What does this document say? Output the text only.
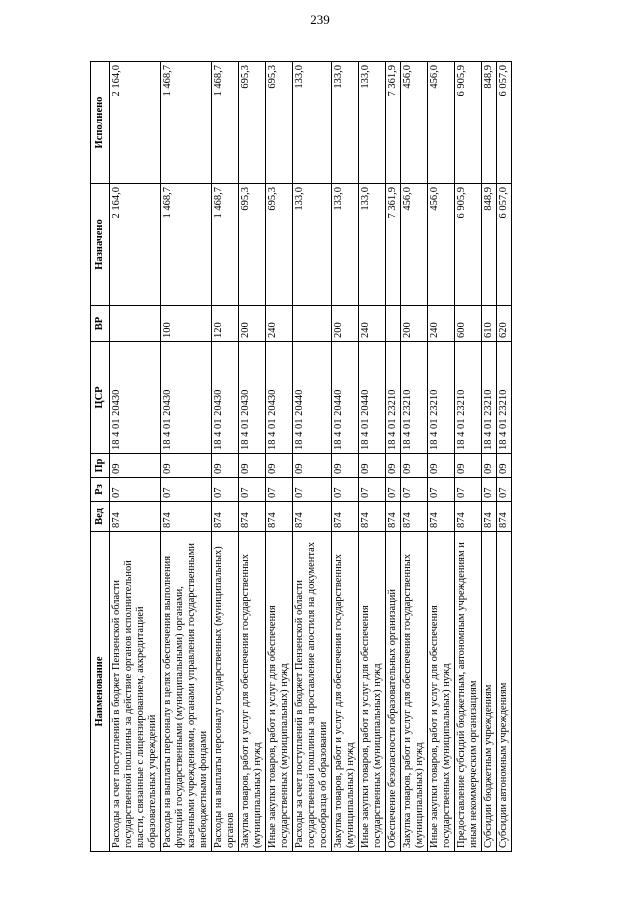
239
Наименование	Вед	Рз	Пр	ЦСР	ВР	Назначено	Исполнено
Расходы за счет поступлений в бюджет Пензенской области государственной пошлины за действие органов исполнительной власти, связанные с лицензированием, аккредитацией образовательных учреждений	874	07	09	18 4 01 20430		2 164,0	2 164,0
Расходы на выплаты персоналу в целях обеспечения выполнения функций государственными (муниципальными) органами, казенными учреждениями, органами управления государственными внебюджетными фондами	874	07	09	18 4 01 20430	100	1 468,7	1 468,7
Расходы на выплаты персоналу государственных (муниципальных) органов	874	07	09	18 4 01 20430	120	1 468,7	1 468,7
Закупка товаров, работ и услуг для обеспечения государственных (муниципальных) нужд	874	07	09	18 4 01 20430	200	695,3	695,3
Иные закупки товаров, работ и услуг для обеспечения государственных (муниципальных) нужд	874	07	09	18 4 01 20430	240	695,3	695,3
Расходы за счет поступлений в бюджет Пензенской области государственной пошлины за проставление апостиля на документах госообразца об образовании	874	07	09	18 4 01 20440		133,0	133,0
Закупка товаров, работ и услуг для обеспечения государственных (муниципальных) нужд	874	07	09	18 4 01 20440	200	133,0	133,0
Иные закупки товаров, работ и услуг для обеспечения государственных (муниципальных) нужд	874	07	09	18 4 01 20440	240	133,0	133,0
Обеспечение безопасности образовательных организаций	874	07	09	18 4 01 23210		7 361,9	7 361,9
Закупка товаров, работ и услуг для обеспечения государственных (муниципальных) нужд	874	07	09	18 4 01 23210	200	456,0	456,0
Иные закупки товаров, работ и услуг для обеспечения государственных (муниципальных) нужд	874	07	09	18 4 01 23210	240	456,0	456,0
Предоставление субсидий бюджетным, автономным учреждениям и иным некоммерческим организациям	874	07	09	18 4 01 23210	600	6 905,9	6 905,9
Субсидии бюджетным учреждениям	874	07	09	18 4 01 23210	610	848,9	848,9
Субсидии автономным учреждениям	874	07	09	18 4 01 23210	620	6 057,0	6 057,0
